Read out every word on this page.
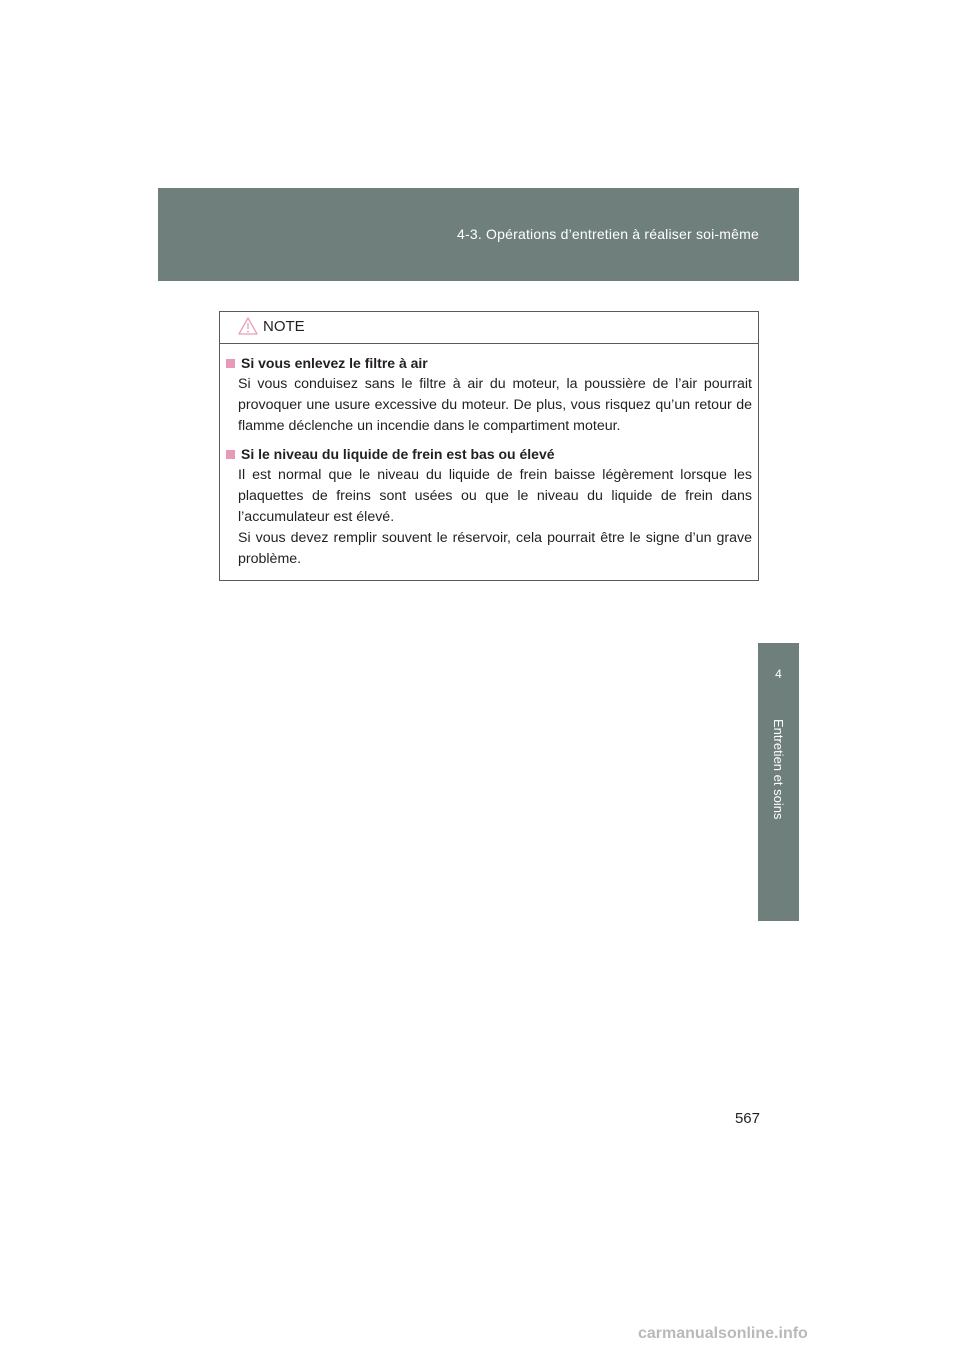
4-3. Opérations d’entretien à réaliser soi-même
4
Entretien et soins
NOTE
Si vous enlevez le filtre à air

Si vous conduisez sans le filtre à air du moteur, la poussière de l’air pourrait provoquer une usure excessive du moteur. De plus, vous risquez qu’un retour de flamme déclenche un incendie dans le compartiment moteur.

Si le niveau du liquide de frein est bas ou élevé

Il est normal que le niveau du liquide de frein baisse légèrement lorsque les plaquettes de freins sont usées ou que le niveau du liquide de frein dans l’accumulateur est élevé.

Si vous devez remplir souvent le réservoir, cela pourrait être le signe d’un grave problème.

567
carmanualsonline.info
